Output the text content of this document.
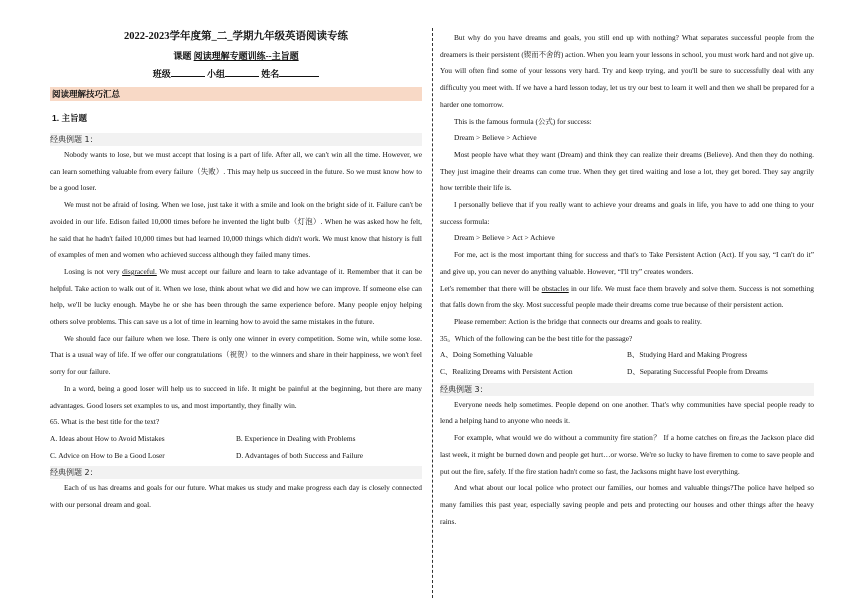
2022-2023学年度第_二_学期九年级英语阅读专练

课题 阅读理解专题训练--主旨题

班级	小组	姓名

阅读理解技巧汇总
1. 主旨题
经典例题 1：

Nobody wants to lose, but we must accept that losing is a part of life. After all, we can't win all the time. However, we can learn something valuable from every failure（失败）. This may help us succeed in the future. So we must know how to be a good loser.

We must not be afraid of losing. When we lose, just take it with a smile and look on the bright side of it. Failure can't be avoided in our life. Edison failed 10,000 times before he invented the light bulb（灯泡）. When he was asked how he felt, he said that he hadn't failed 10,000 times but had learned 10,000 things which didn't work. We must know that history is full of examples of men and women who achieved success although they failed many times.

Losing is not very disgraceful. We must accept our failure and learn to take advantage of it. Remember that it can be helpful. Take action to walk out of it. When we lose, think about what we did and how we can improve. If someone else can help, we'll be lucky enough. Maybe he or she has been through the same experience before. Many people enjoy helping others solve problems. This can save us a lot of time in learning how to avoid the same mistakes in the future.

We should face our failure when we lose. There is only one winner in every competition. Some win, while some lose. That is a usual way of life. If we offer our congratulations（祝贺）to the winners and share in their happiness, we won't feel sorry for our failure.

In a word, being a good loser will help us to succeed in life. It might be painful at the beginning, but there are many advantages. Good losers set examples to us, and most importantly, they finally win.

65. What is the best title for the text?

A. Ideas about How to Avoid Mistakes	B. Experience in Dealing with Problems
C. Advice on How to Be a Good Loser	D. Advantages of both Success and Failure
经典例题 2：

Each of us has dreams and goals for our future. What makes us study and make progress each day is closely connected with our personal dream and goal.

But why do you have dreams and goals, you still end up with nothing? What separates successful people from the dreamers is their persistent (锲而不舍的) action. When you learn your lessons in school, you must work hard and not give up. You will often find some of your lessons very hard. Try and keep trying, and you'll be sure to successfully deal with any difficulty you meet with. If we have a hard lesson today, let us try our best to learn it well and then we shall be prepared for a harder one tomorrow.

This is the famous formula (公式) for success:

Dream > Believe > Achieve

Most people have what they want (Dream) and think they can realize their dreams (Believe). And then they do nothing. They just imagine their dreams can come true. When they get tired waiting and lose a lot, they get bored. They say angrily how terrible their life is.

I personally believe that if you really want to achieve your dreams and goals in life, you have to add one thing to your success formula:

Dream > Believe > Act > Achieve

For me, act is the most important thing for success and that's to Take Persistent Action (Act). If you say, “I can't do it” and give up, you can never do anything valuable. However, “I'll try” creates wonders.

Let's remember that there will be obstacles in our life. We must face them bravely and solve them. Success is not something that falls down from the sky. Most successful people made their dreams come true because of their persistent action.

Please remember: Action is the bridge that connects our dreams and goals to reality.

35。Which of the following can be the best title for the passage?

A、Doing Something Valuable	B、Studying Hard and Making Progress
C、Realizing Dreams with Persistent Action	D、Separating Successful People from Dreams
经典例题 3：

Everyone needs help sometimes. People depend on one another. That's why communities have special people ready to lend a helping hand to anyone who needs it.

For example, what would we do without a community fire station？ If a home catches on fire,as the Jackson place did last week, it might be burned down and people get hurt…or worse. We're so lucky to have firemen to come to save people and put out the fire, safely. If the fire station hadn't come so fast, the Jacksons might have lost everything.

And what about our local police who protect our families, our homes and valuable things?The police have helped so many families this past year, especially saving people and pets and protecting our houses and other things after the heavy rains.
